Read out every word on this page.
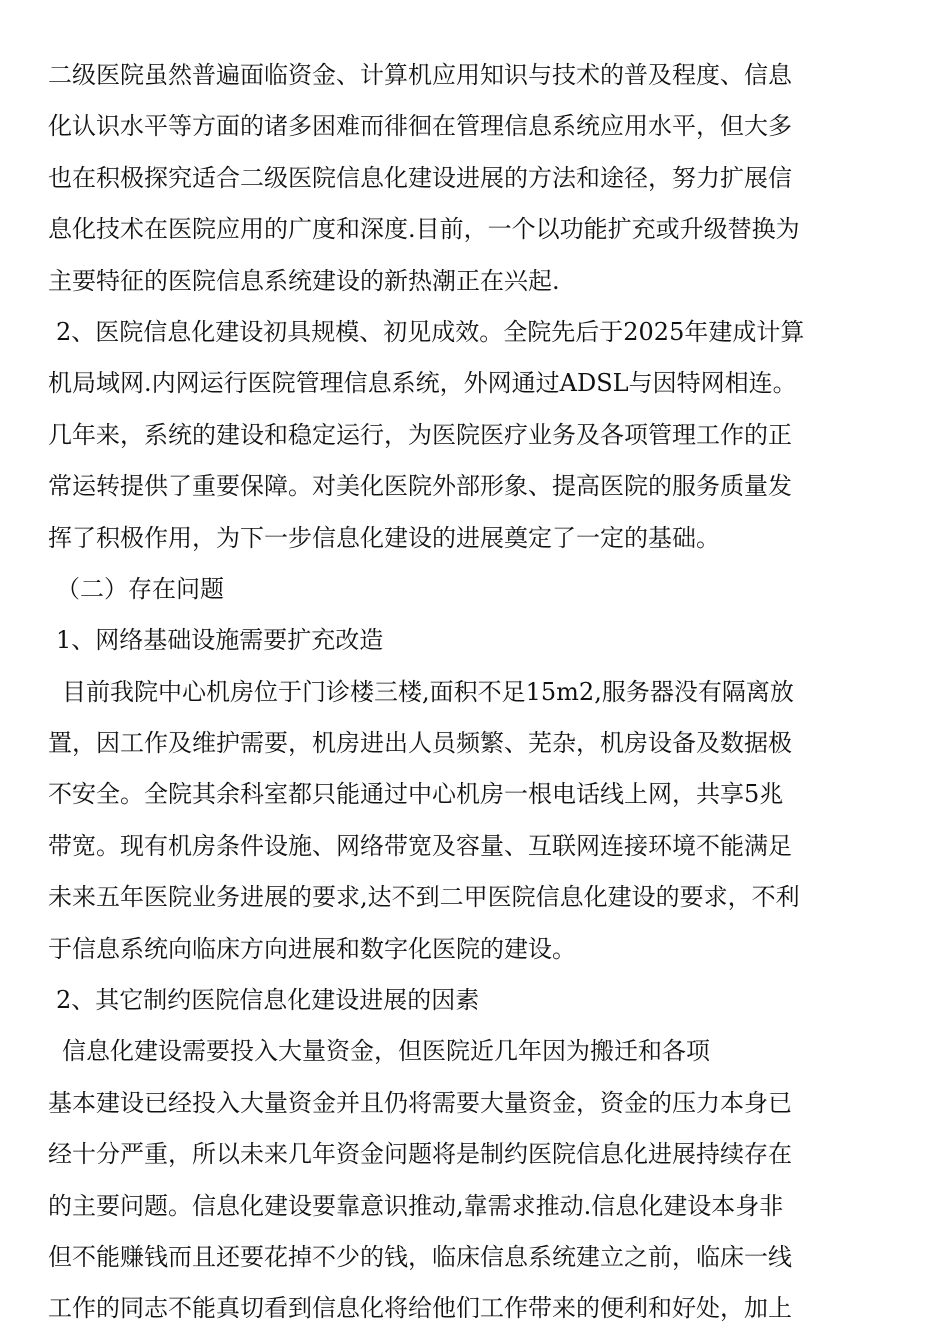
二级医院虽然普遍面临资金、计算机应用知识与技术的普及程度、信息
化认识水平等方面的诸多困难而徘徊在管理信息系统应用水平，但大多
也在积极探究适合二级医院信息化建设进展的方法和途径，努力扩展信
息化技术在医院应用的广度和深度.目前，一个以功能扩充或升级替换为
主要特征的医院信息系统建设的新热潮正在兴起.
2、医院信息化建设初具规模、初见成效。全院先后于2025年建成计算
机局域网.内网运行医院管理信息系统，外网通过ADSL与因特网相连。
几年来，系统的建设和稳定运行，为医院医疗业务及各项管理工作的正
常运转提供了重要保障。对美化医院外部形象、提高医院的服务质量发
挥了积极作用，为下一步信息化建设的进展奠定了一定的基础。
（二）存在问题
1、网络基础设施需要扩充改造
目前我院中心机房位于门诊楼三楼,面积不足15m2,服务器没有隔离放
置，因工作及维护需要，机房进出人员频繁、芜杂，机房设备及数据极
不安全。全院其余科室都只能通过中心机房一根电话线上网，共享5兆
带宽。现有机房条件设施、网络带宽及容量、互联网连接环境不能满足
未来五年医院业务进展的要求,达不到二甲医院信息化建设的要求，不利
于信息系统向临床方向进展和数字化医院的建设。
2、其它制约医院信息化建设进展的因素
信息化建设需要投入大量资金，但医院近几年因为搬迁和各项
基本建设已经投入大量资金并且仍将需要大量资金，资金的压力本身已
经十分严重，所以未来几年资金问题将是制约医院信息化进展持续存在
的主要问题。信息化建设要靠意识推动,靠需求推动.信息化建设本身非
但不能赚钱而且还要花掉不少的钱，临床信息系统建立之前，临床一线
工作的同志不能真切看到信息化将给他们工作带来的便利和好处，加上
